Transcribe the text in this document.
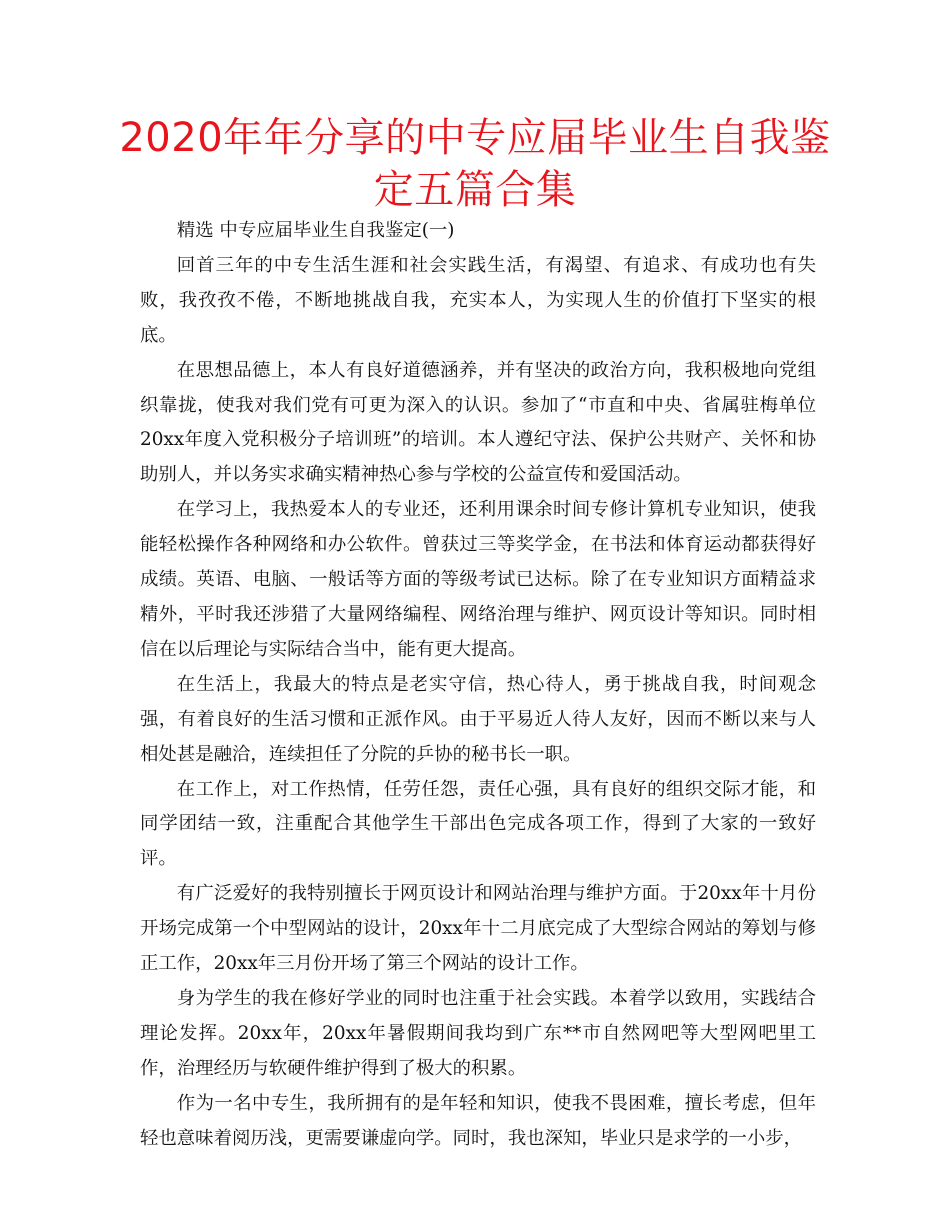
2020年年分享的中专应届毕业生自我鉴定五篇合集

精选 中专应届毕业生自我鉴定(一)

回首三年的中专生活生涯和社会实践生活，有渴望、有追求、有成功也有失败，我孜孜不倦，不断地挑战自我，充实本人，为实现人生的价值打下坚实的根底。

在思想品德上，本人有良好道德涵养，并有坚决的政治方向，我积极地向党组织靠拢，使我对我们党有可更为深入的认识。参加了“市直和中央、省属驻梅单位20xx年度入党积极分子培训班”的培训。本人遵纪守法、保护公共财产、关怀和协助别人，并以务实求确实精神热心参与学校的公益宣传和爱国活动。

在学习上，我热爱本人的专业还，还利用课余时间专修计算机专业知识，使我能轻松操作各种网络和办公软件。曾获过三等奖学金，在书法和体育运动都获得好成绩。英语、电脑、一般话等方面的等级考试已达标。除了在专业知识方面精益求精外，平时我还涉猎了大量网络编程、网络治理与维护、网页设计等知识。同时相信在以后理论与实际结合当中，能有更大提高。

在生活上，我最大的特点是老实守信，热心待人，勇于挑战自我，时间观念强，有着良好的生活习惯和正派作风。由于平易近人待人友好，因而不断以来与人相处甚是融洽，连续担任了分院的乒协的秘书长一职。

在工作上，对工作热情，任劳任怨，责任心强，具有良好的组织交际才能，和同学团结一致，注重配合其他学生干部出色完成各项工作，得到了大家的一致好评。

有广泛爱好的我特别擅长于网页设计和网站治理与维护方面。于20xx年十月份开场完成第一个中型网站的设计，20xx年十二月底完成了大型综合网站的筹划与修正工作，20xx年三月份开场了第三个网站的设计工作。

身为学生的我在修好学业的同时也注重于社会实践。本着学以致用，实践结合理论发挥。20xx年，20xx年暑假期间我均到广东**市自然网吧等大型网吧里工作，治理经历与软硬件维护得到了极大的积累。

作为一名中专生，我所拥有的是年轻和知识，使我不畏困难，擅长考虑，但年轻也意味着阅历浅，更需要谦虚向学。同时，我也深知，毕业只是求学的一小步，
